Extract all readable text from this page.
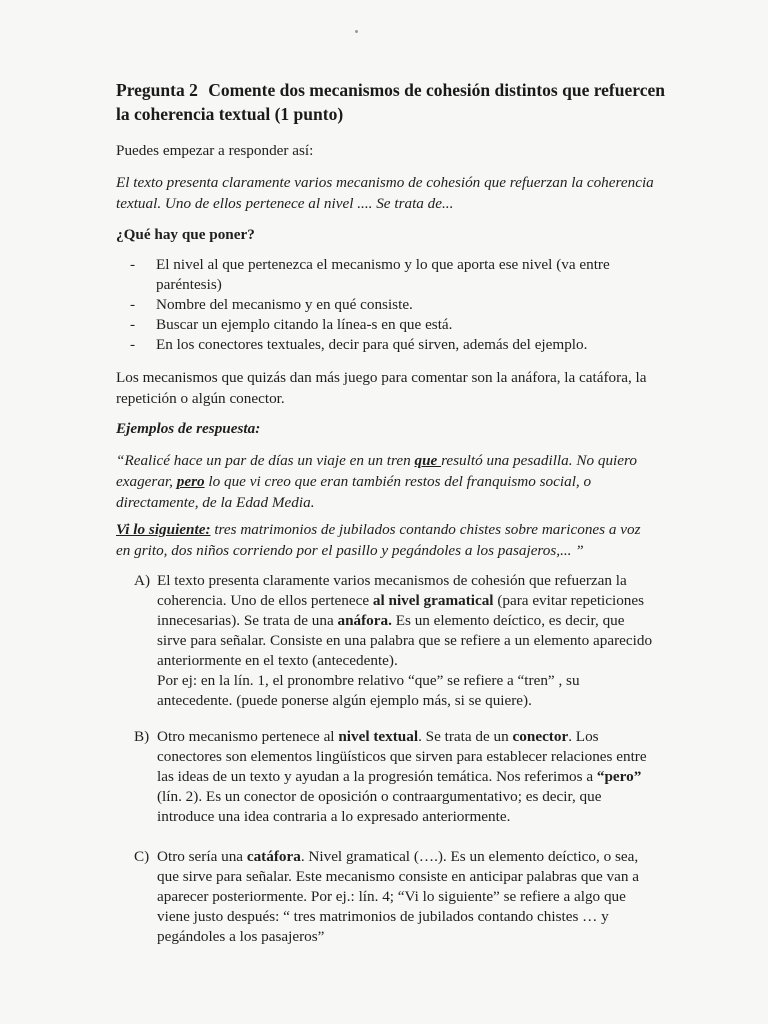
Pregunta 2 Comente dos mecanismos de cohesión distintos que refuercen la coherencia textual (1 punto)
Puedes empezar a responder así:
El texto presenta claramente varios mecanismo de cohesión que refuerzan la coherencia textual. Uno de ellos pertenece al nivel .... Se trata de...
¿Qué hay que poner?
- El nivel al que pertenezca el mecanismo y lo que aporta ese nivel (va entre paréntesis)
- Nombre del mecanismo y en qué consiste.
- Buscar un ejemplo citando la línea-s en que está.
- En los conectores textuales, decir para qué sirven, además del ejemplo.
Los mecanismos que quizás dan más juego para comentar son la anáfora, la catáfora, la repetición o algún conector.
Ejemplos de respuesta:
“Realicé hace un par de días un viaje en un tren que resultó una pesadilla. No quiero exagerar, pero lo que vi creo que eran también restos del franquismo social, o directamente, de la Edad Media.
Vi lo siguiente: tres matrimonios de jubilados contando chistes sobre maricones a voz en grito, dos niños corriendo por el pasillo y pegándoles a los pasajeros,... ”
A) El texto presenta claramente varios mecanismos de cohesión que refuerzan la coherencia. Uno de ellos pertenece al nivel gramatical (para evitar repeticiones innecesarias). Se trata de una anáfora. Es un elemento deíctico, es decir, que sirve para señalar. Consiste en una palabra que se refiere a un elemento aparecido anteriormente en el texto (antecedente).
Por ej: en la lín. 1, el pronombre relativo “que” se refiere a “tren” , su antecedente. (puede ponerse algún ejemplo más, si se quiere).
B) Otro mecanismo pertenece al nivel textual. Se trata de un conector. Los conectores son elementos lingüísticos que sirven para establecer relaciones entre las ideas de un texto y ayudan a la progresión temática. Nos referimos a “pero” (lín. 2). Es un conector de oposición o contraargumentativo; es decir, que introduce una idea contraria a lo expresado anteriormente.
C) Otro sería una catáfora. Nivel gramatical (….). Es un elemento deíctico, o sea, que sirve para señalar. Este mecanismo consiste en anticipar palabras que van a aparecer posteriormente. Por ej.: lín. 4; “Vi lo siguiente” se refiere a algo que viene justo después: “ tres matrimonios de jubilados contando chistes … y pegándoles a los pasajeros”
